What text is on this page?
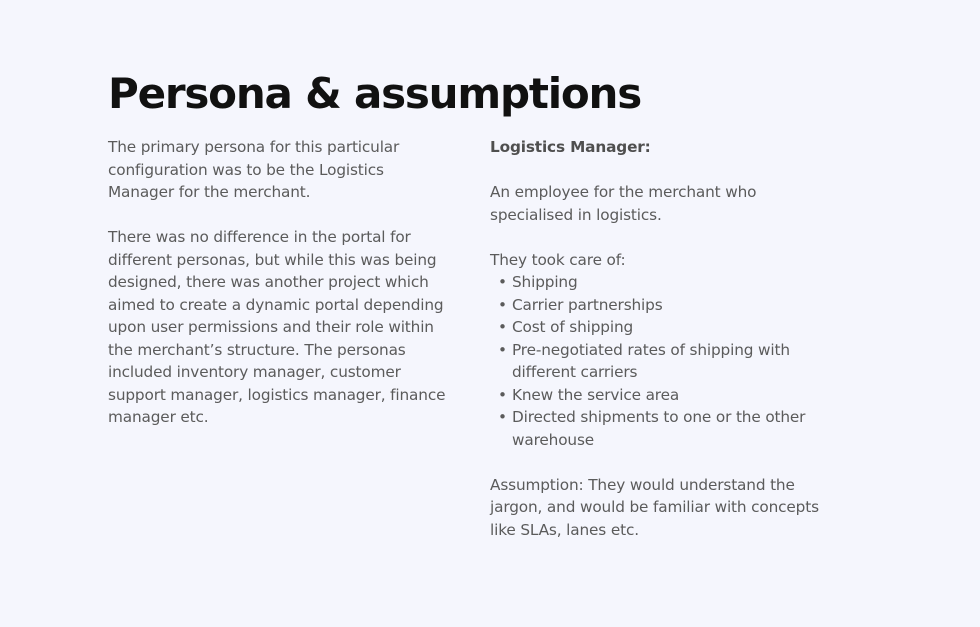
Persona & assumptions

The primary persona for this particular configuration was to be the Logistics Manager for the merchant.

There was no difference in the portal for different personas, but while this was being designed, there was another project which aimed to create a dynamic portal depending upon user permissions and their role within the merchant’s structure. The personas included inventory manager, customer support manager, logistics manager, finance manager etc.

Logistics Manager:

An employee for the merchant who specialised in logistics.

They took care of:

• Shipping
• Carrier partnerships
• Cost of shipping
• Pre-negotiated rates of shipping with different carriers
• Knew the service area
• Directed shipments to one or the other warehouse

Assumption: They would understand the jargon, and would be familiar with concepts like SLAs, lanes etc.
